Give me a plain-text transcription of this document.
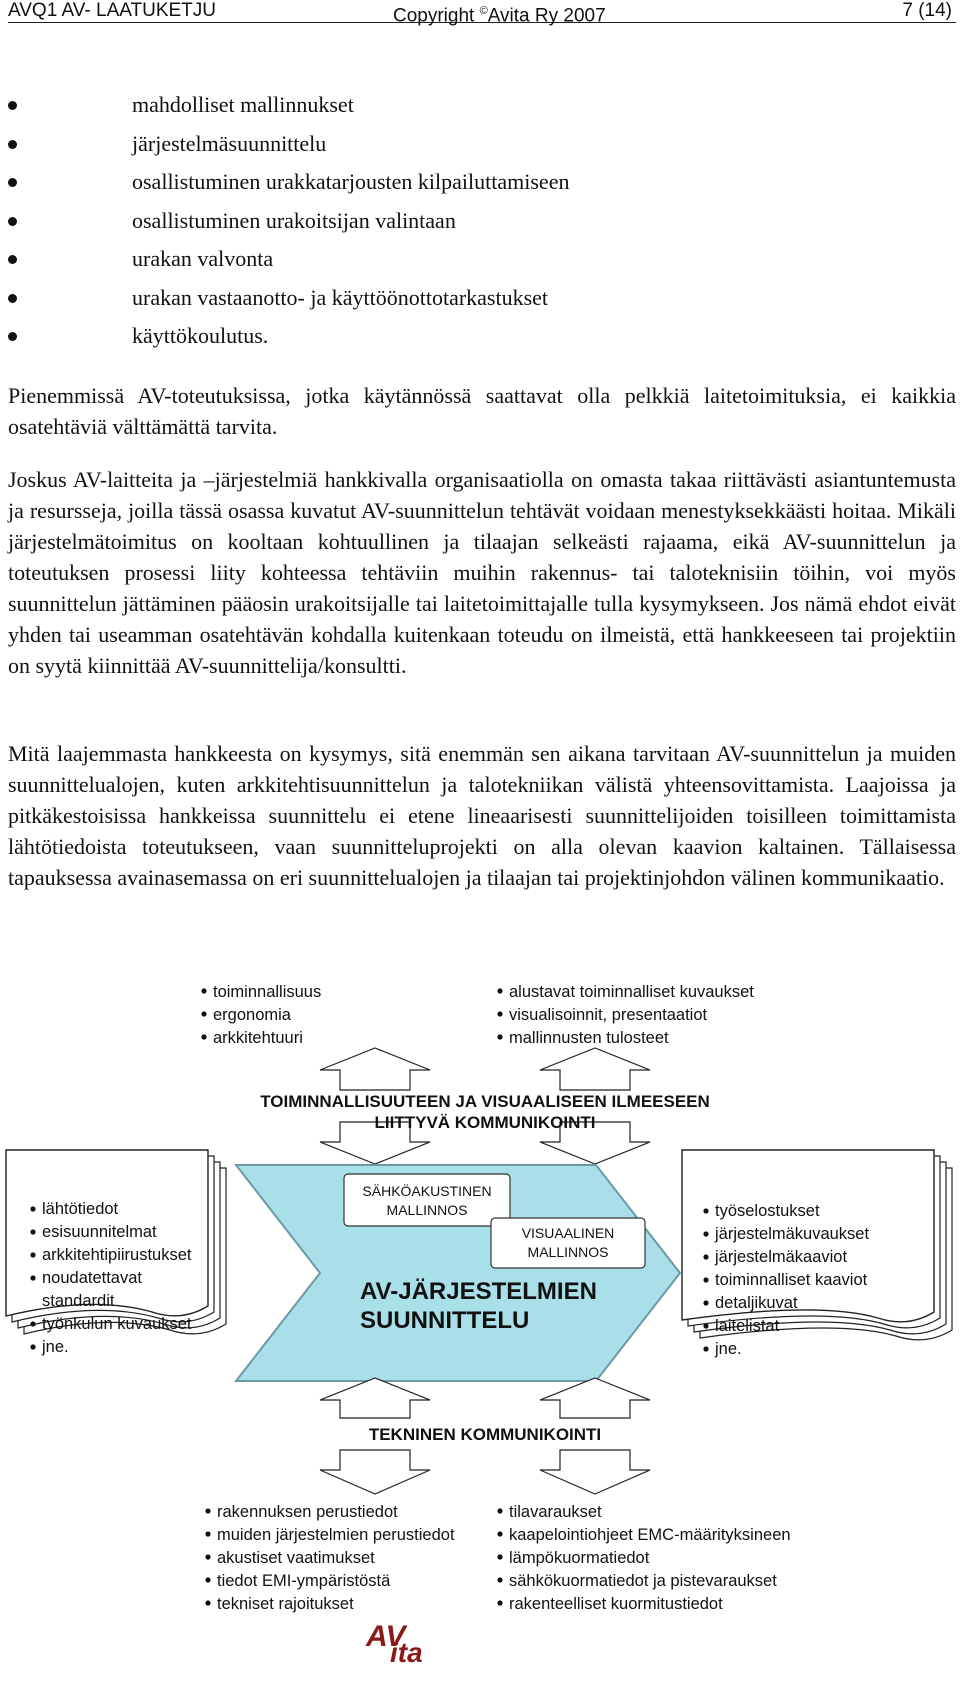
AVQ1 AV- LAATUKETJU	Copyright ©Avita Ry 2007	7 (14)
mahdolliset mallinnukset
järjestelmäsuunnittelu
osallistuminen urakkatarjousten kilpailuttamiseen
osallistuminen urakoitsijan valintaan
urakan valvonta
urakan vastaanotto- ja käyttöönottotarkastukset
käyttökoulutus.

Pienemmissä AV-toteutuksissa, jotka käytännössä saattavat olla pelkkiä laitetoimituksia, ei kaikkia osatehtäviä välttämättä tarvita.

Joskus AV-laitteita ja –järjestelmiä hankkivalla organisaatiolla on omasta takaa riittävästi asiantuntemusta ja resursseja, joilla tässä osassa kuvatut AV-suunnittelun tehtävät voidaan menestyksekkäästi hoitaa. Mikäli järjestelmätoimitus on kooltaan kohtuullinen ja tilaajan selkeästi rajaama, eikä AV-suunnittelun ja toteutuksen prosessi liity kohteessa tehtäviin muihin rakennus- tai taloteknisiin töihin, voi myös suunnittelun jättäminen pääosin urakoitsijalle tai laitetoimittajalle tulla kysymykseen. Jos nämä ehdot eivät yhden tai useamman osatehtävän kohdalla kuitenkaan toteudu on ilmeistä, että hankkeeseen tai projektiin on syytä kiinnittää AV-suunnittelija/konsultti.

Mitä laajemmasta hankkeesta on kysymys, sitä enemmän sen aikana tarvitaan AV-suunnittelun ja muiden suunnittelualojen, kuten arkkitehtisuunnittelun ja talotekniikan välistä yhteensovittamista. Laajoissa ja pitkäkestoisissa hankkeissa suunnittelu ei etene lineaarisesti suunnittelijoiden toisilleen toimittamista lähtötiedoista toteutukseen, vaan suunnitteluprojekti on alla olevan kaavion kaltainen. Tällaisessa tapauksessa avainasemassa on eri suunnittelualojen ja tilaajan tai projektinjohdon välinen kommunikaatio.

toiminnallisuus
ergonomia
arkkitehtuuri
alustavat toiminnalliset kuvaukset
visualisoinnit, presentaatiot
mallinnusten tulosteet
TOIMINNALLISUUTEEN JA VISUAALISEEN ILMEESEEN
LIITTYVÄ KOMMUNIKOINTI
lähtötiedot
esisuunnitelmat
arkkitehtipiirustukset
noudatettavat
standardit
työnkulun kuvaukset
jne.
työselostukset
järjestelmäkuvaukset
järjestelmäkaaviot
toiminnalliset kaaviot
detaljikuvat
laitelistat
jne.
SÄHKÖAKUSTINEN
MALLINNOS
VISUAALINEN
MALLINNOS
AV-JÄRJESTELMIEN
SUUNNITTELU
TEKNINEN KOMMUNIKOINTI
rakennuksen perustiedot
muiden järjestelmien perustiedot
akustiset vaatimukset
tiedot EMI-ympäristöstä
tekniset rajoitukset
tilavaraukset
kaapelointiohjeet EMC-määrityksineen
lämpökuormatiedot
sähkökuormatiedot ja pistevaraukset
rakenteelliset kuormitustiedot
AV
ita
